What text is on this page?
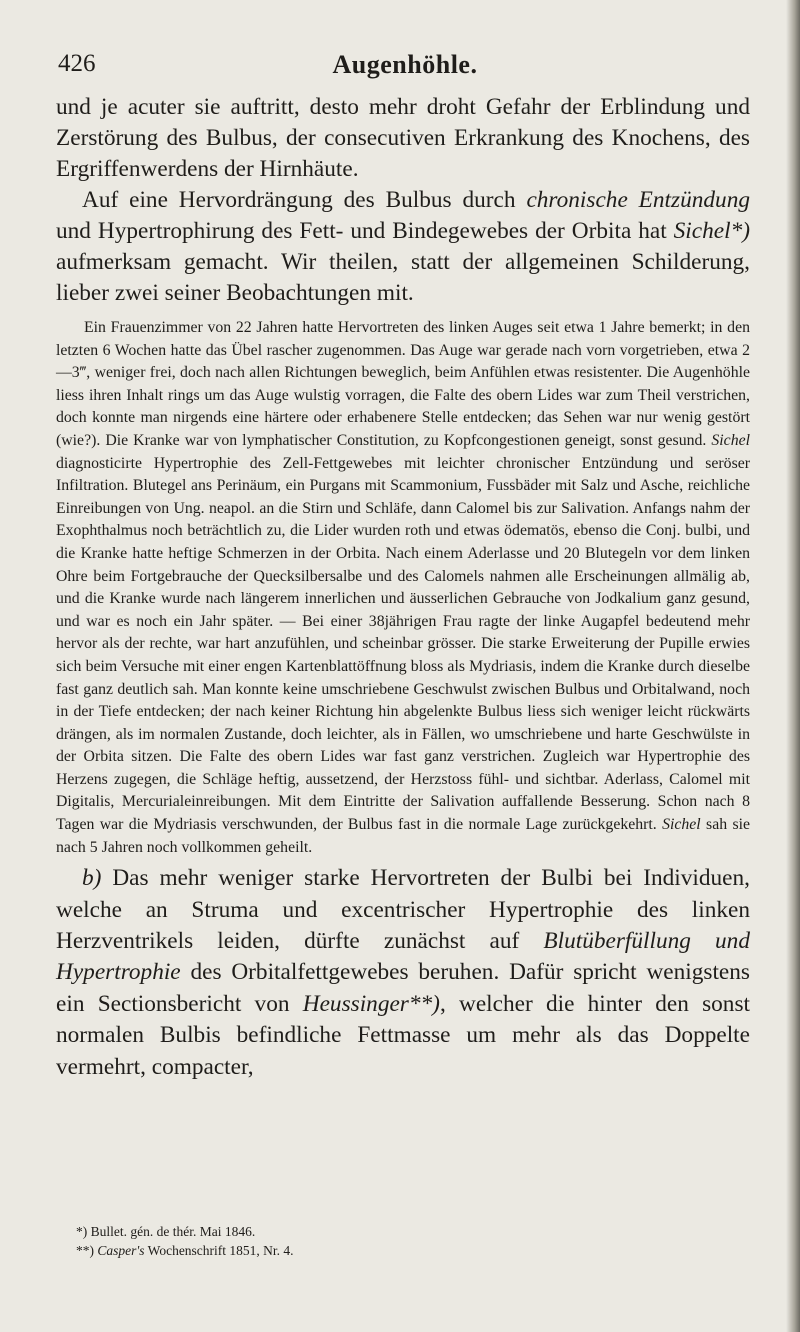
426	Augenhöhle.

und je acuter sie auftritt, desto mehr droht Gefahr der Erblindung und Zerstörung des Bulbus, der consecutiven Erkrankung des Knochens, des Ergriffenwerdens der Hirnhäute.

Auf eine Hervordrängung des Bulbus durch chronische Entzündung und Hypertrophirung des Fett- und Bindegewebes der Orbita hat Sichel*) aufmerksam gemacht. Wir theilen, statt der allgemeinen Schilderung, lieber zwei seiner Beobachtungen mit.

Ein Frauenzimmer von 22 Jahren hatte Hervortreten des linken Auges seit etwa 1 Jahre bemerkt; in den letzten 6 Wochen hatte das Übel rascher zugenommen. Das Auge war gerade nach vorn vorgetrieben, etwa 2—3‴, weniger frei, doch nach allen Richtungen beweglich, beim Anfühlen etwas resistenter. Die Augenhöhle liess ihren Inhalt rings um das Auge wulstig vorragen, die Falte des obern Lides war zum Theil verstrichen, doch konnte man nirgends eine härtere oder erhabenere Stelle entdecken; das Sehen war nur wenig gestört (wie?). Die Kranke war von lymphatischer Constitution, zu Kopfcongestionen geneigt, sonst gesund. Sichel diagnosticirte Hypertrophie des Zell-Fettgewebes mit leichter chronischer Entzündung und seröser Infiltration. Blutegel ans Perinäum, ein Purgans mit Scammonium, Fussbäder mit Salz und Asche, reichliche Einreibungen von Ung. neapol. an die Stirn und Schläfe, dann Calomel bis zur Salivation. Anfangs nahm der Exophthalmus noch beträchtlich zu, die Lider wurden roth und etwas ödematös, ebenso die Conj. bulbi, und die Kranke hatte heftige Schmerzen in der Orbita. Nach einem Aderlasse und 20 Blutegeln vor dem linken Ohre beim Fortgebrauche der Quecksilbersalbe und des Calomels nahmen alle Erscheinungen allmälig ab, und die Kranke wurde nach längerem innerlichen und äusserlichen Gebrauche von Jodkalium ganz gesund, und war es noch ein Jahr später. — Bei einer 38jährigen Frau ragte der linke Augapfel bedeutend mehr hervor als der rechte, war hart anzufühlen, und scheinbar grösser. Die starke Erweiterung der Pupille erwies sich beim Versuche mit einer engen Kartenblattöffnung bloss als Mydriasis, indem die Kranke durch dieselbe fast ganz deutlich sah. Man konnte keine umschriebene Geschwulst zwischen Bulbus und Orbitalwand, noch in der Tiefe entdecken; der nach keiner Richtung hin abgelenkte Bulbus liess sich weniger leicht rückwärts drängen, als im normalen Zustande, doch leichter, als in Fällen, wo umschriebene und harte Geschwülste in der Orbita sitzen. Die Falte des obern Lides war fast ganz verstrichen. Zugleich war Hypertrophie des Herzens zugegen, die Schläge heftig, aussetzend, der Herzstoss fühl- und sichtbar. Aderlass, Calomel mit Digitalis, Mercurialeinreibungen. Mit dem Eintritte der Salivation auffallende Besserung. Schon nach 8 Tagen war die Mydriasis verschwunden, der Bulbus fast in die normale Lage zurückgekehrt. Sichel sah sie nach 5 Jahren noch vollkommen geheilt.

b) Das mehr weniger starke Hervortreten der Bulbi bei Individuen, welche an Struma und excentrischer Hypertrophie des linken Herzventrikels leiden, dürfte zunächst auf Blutüberfüllung und Hypertrophie des Orbitalfettgewebes beruhen. Dafür spricht wenigstens ein Sectionsbericht von Heussinger**), welcher die hinter den sonst normalen Bulbis befindliche Fettmasse um mehr als das Doppelte vermehrt, compacter,

*) Bullet. gén. de thér. Mai 1846.
**) Casper's Wochenschrift 1851, Nr. 4.
